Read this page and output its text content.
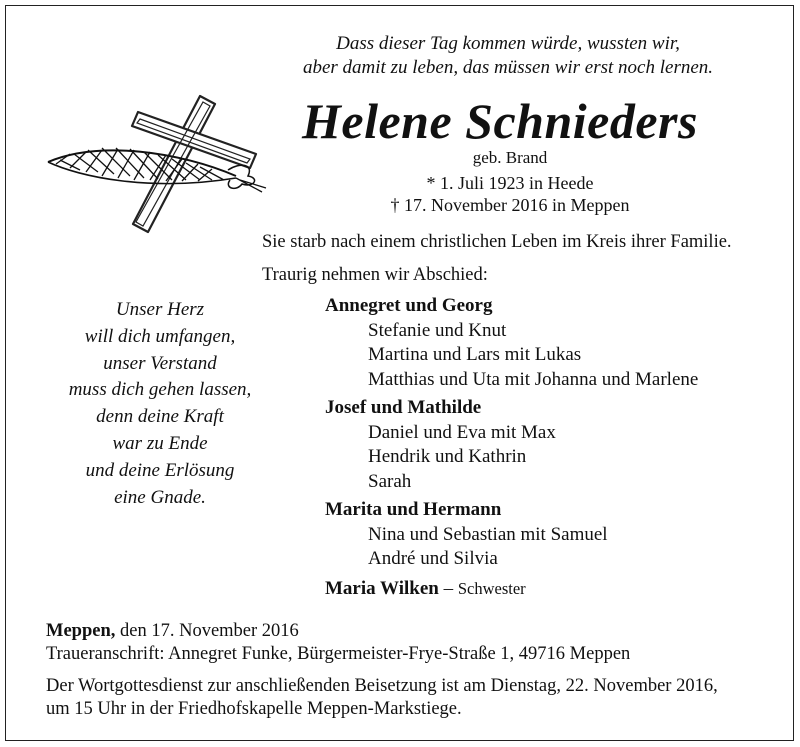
Dass dieser Tag kommen würde, wussten wir,
aber damit zu leben, das müssen wir erst noch lernen.
Helene Schnieders
geb. Brand
* 1. Juli 1923 in Heede
† 17. November 2016 in Meppen
Sie starb nach einem christlichen Leben im Kreis ihrer Familie.
Traurig nehmen wir Abschied:
Unser Herz
will dich umfangen,
unser Verstand
muss dich gehen lassen,
denn deine Kraft
war zu Ende
und deine Erlösung
eine Gnade.
Annegret und Georg
Stefanie und Knut
Martina und Lars mit Lukas
Matthias und Uta mit Johanna und Marlene
Josef und Mathilde
Daniel und Eva mit Max
Hendrik und Kathrin
Sarah
Marita und Hermann
Nina und Sebastian mit Samuel
André und Silvia
Maria Wilken – Schwester
Meppen, den 17. November 2016
Traueranschrift: Annegret Funke, Bürgermeister-Frye-Straße 1, 49716 Meppen
Der Wortgottesdienst zur anschließenden Beisetzung ist am Dienstag, 22. November 2016,
um 15 Uhr in der Friedhofskapelle Meppen-Markstiege.
